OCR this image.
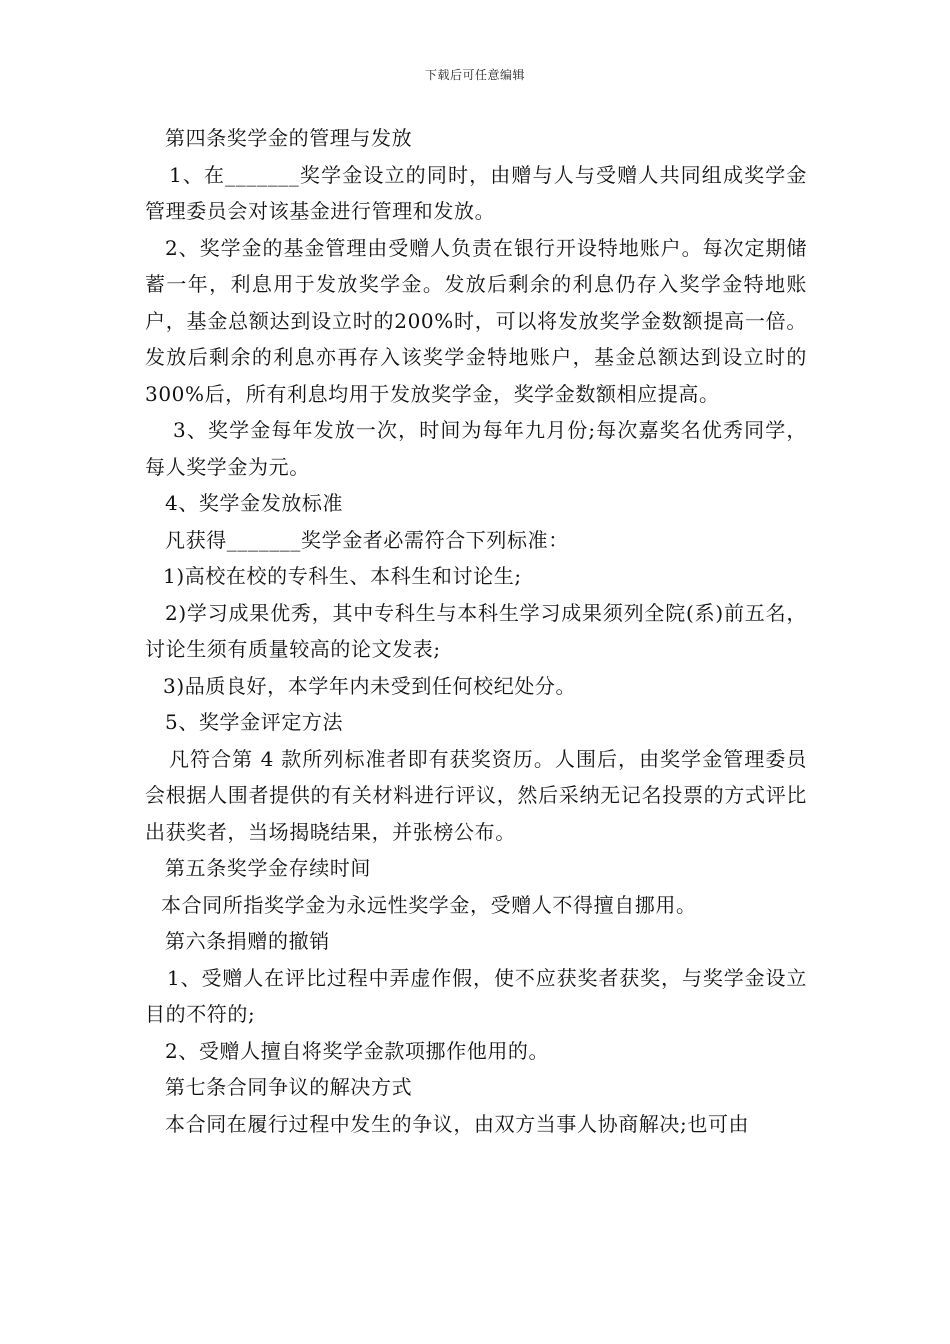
下载后可任意编辑

第四条奖学金的管理与发放

1、在_______奖学金设立的同时，由赠与人与受赠人共同组成奖学金管理委员会对该基金进行管理和发放。

2、奖学金的基金管理由受赠人负责在银行开设特地账户。每次定期储蓄一年，利息用于发放奖学金。发放后剩余的利息仍存入奖学金特地账户，基金总额达到设立时的200%时，可以将发放奖学金数额提高一倍。发放后剩余的利息亦再存入该奖学金特地账户，基金总额达到设立时的300%后，所有利息均用于发放奖学金，奖学金数额相应提高。

3、奖学金每年发放一次，时间为每年九月份;每次嘉奖名优秀同学，每人奖学金为元。

4、奖学金发放标准

凡获得_______奖学金者必需符合下列标准：

1)高校在校的专科生、本科生和讨论生;

2)学习成果优秀，其中专科生与本科生学习成果须列全院(系)前五名，讨论生须有质量较高的论文发表;

3)品质良好，本学年内未受到任何校纪处分。

5、奖学金评定方法

凡符合第 4 款所列标准者即有获奖资历。人围后，由奖学金管理委员会根据人围者提供的有关材料进行评议，然后采纳无记名投票的方式评比出获奖者，当场揭晓结果，并张榜公布。

第五条奖学金存续时间

本合同所指奖学金为永远性奖学金，受赠人不得擅自挪用。

第六条捐赠的撤销

1、受赠人在评比过程中弄虚作假，使不应获奖者获奖，与奖学金设立目的不符的;

2、受赠人擅自将奖学金款项挪作他用的。

第七条合同争议的解决方式

本合同在履行过程中发生的争议，由双方当事人协商解决;也可由
